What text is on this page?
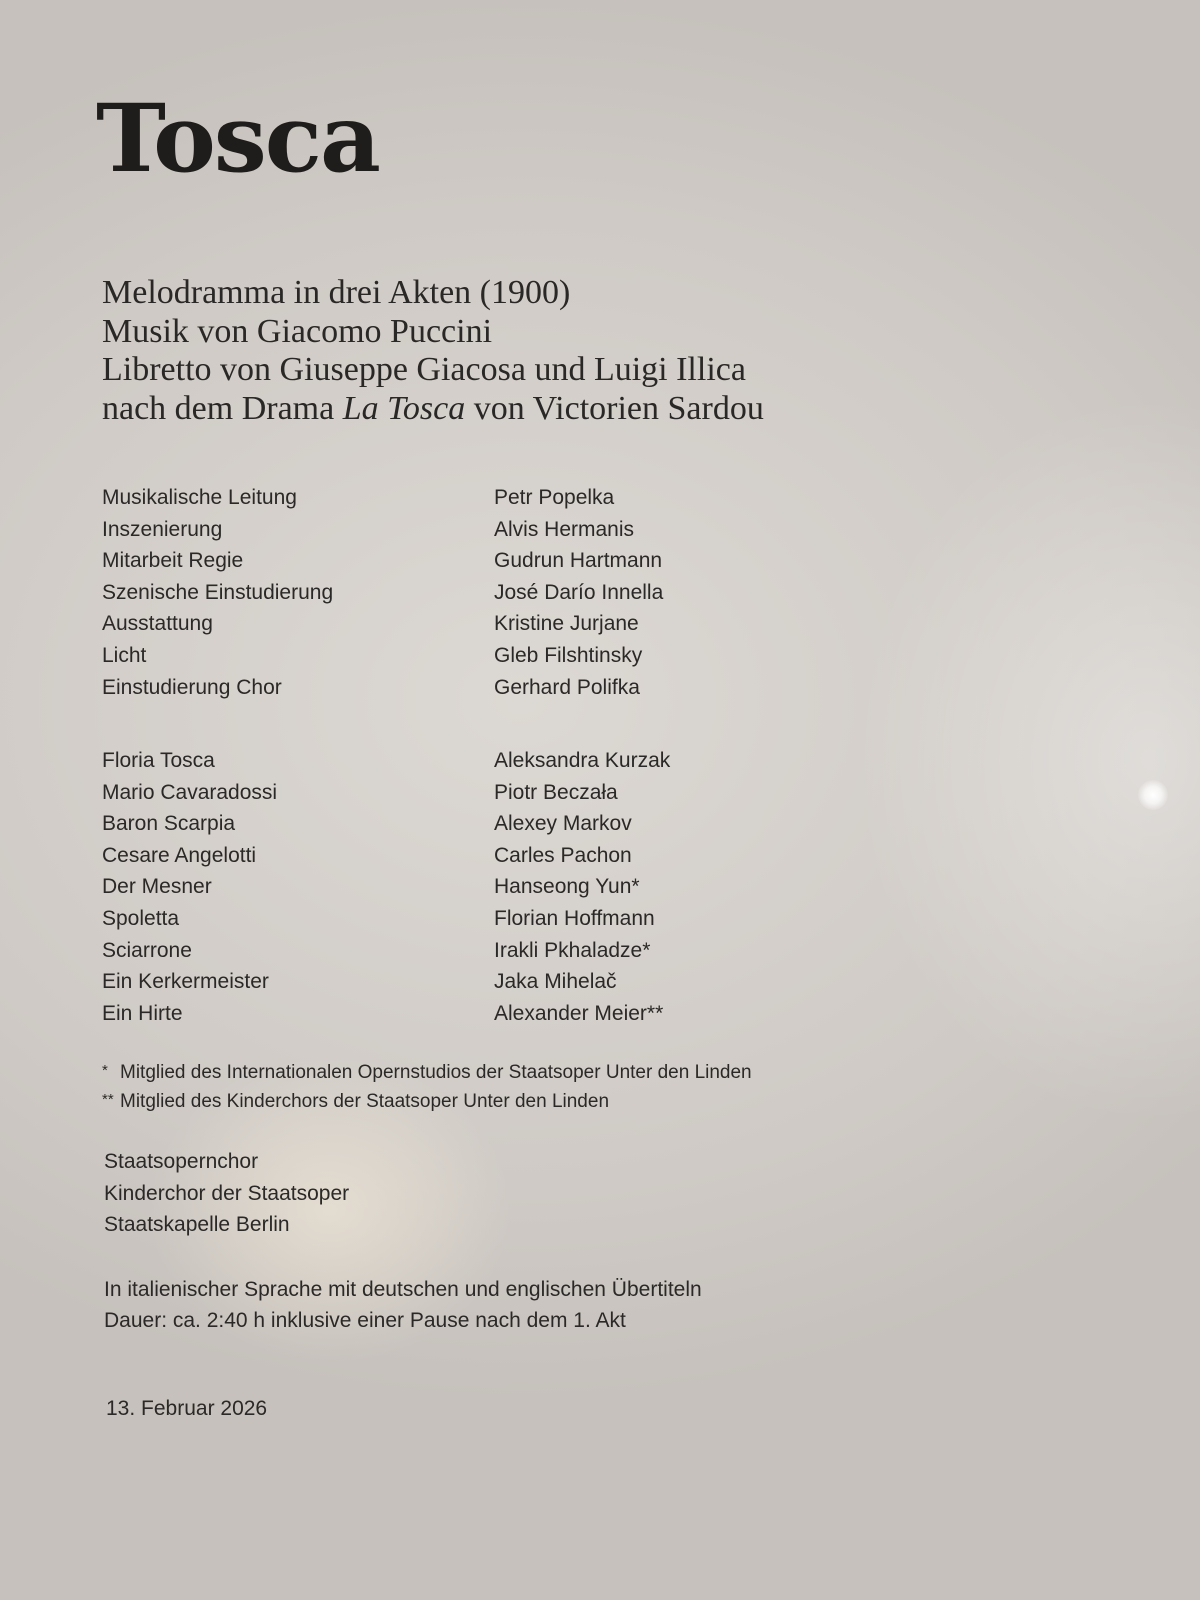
Tosca
Melodramma in drei Akten (1900)
Musik von Giacomo Puccini
Libretto von Giuseppe Giacosa und Luigi Illica
nach dem Drama La Tosca von Victorien Sardou
Musikalische Leitung	Petr Popelka
Inszenierung	Alvis Hermanis
Mitarbeit Regie	Gudrun Hartmann
Szenische Einstudierung	José Darío Innella
Ausstattung	Kristine Jurjane
Licht	Gleb Filshtinsky
Einstudierung Chor	Gerhard Polifka
Floria Tosca	Aleksandra Kurzak
Mario Cavaradossi	Piotr Beczała
Baron Scarpia	Alexey Markov
Cesare Angelotti	Carles Pachon
Der Mesner	Hanseong Yun*
Spoletta	Florian Hoffmann
Sciarrone	Irakli Pkhaladze*
Ein Kerkermeister	Jaka Mihelač
Ein Hirte	Alexander Meier**
* Mitglied des Internationalen Opernstudios der Staatsoper Unter den Linden
** Mitglied des Kinderchors der Staatsoper Unter den Linden
Staatsopernchor
Kinderchor der Staatsoper
Staatskapelle Berlin
In italienischer Sprache mit deutschen und englischen Übertiteln
Dauer: ca. 2:40 h inklusive einer Pause nach dem 1. Akt
13. Februar 2026
